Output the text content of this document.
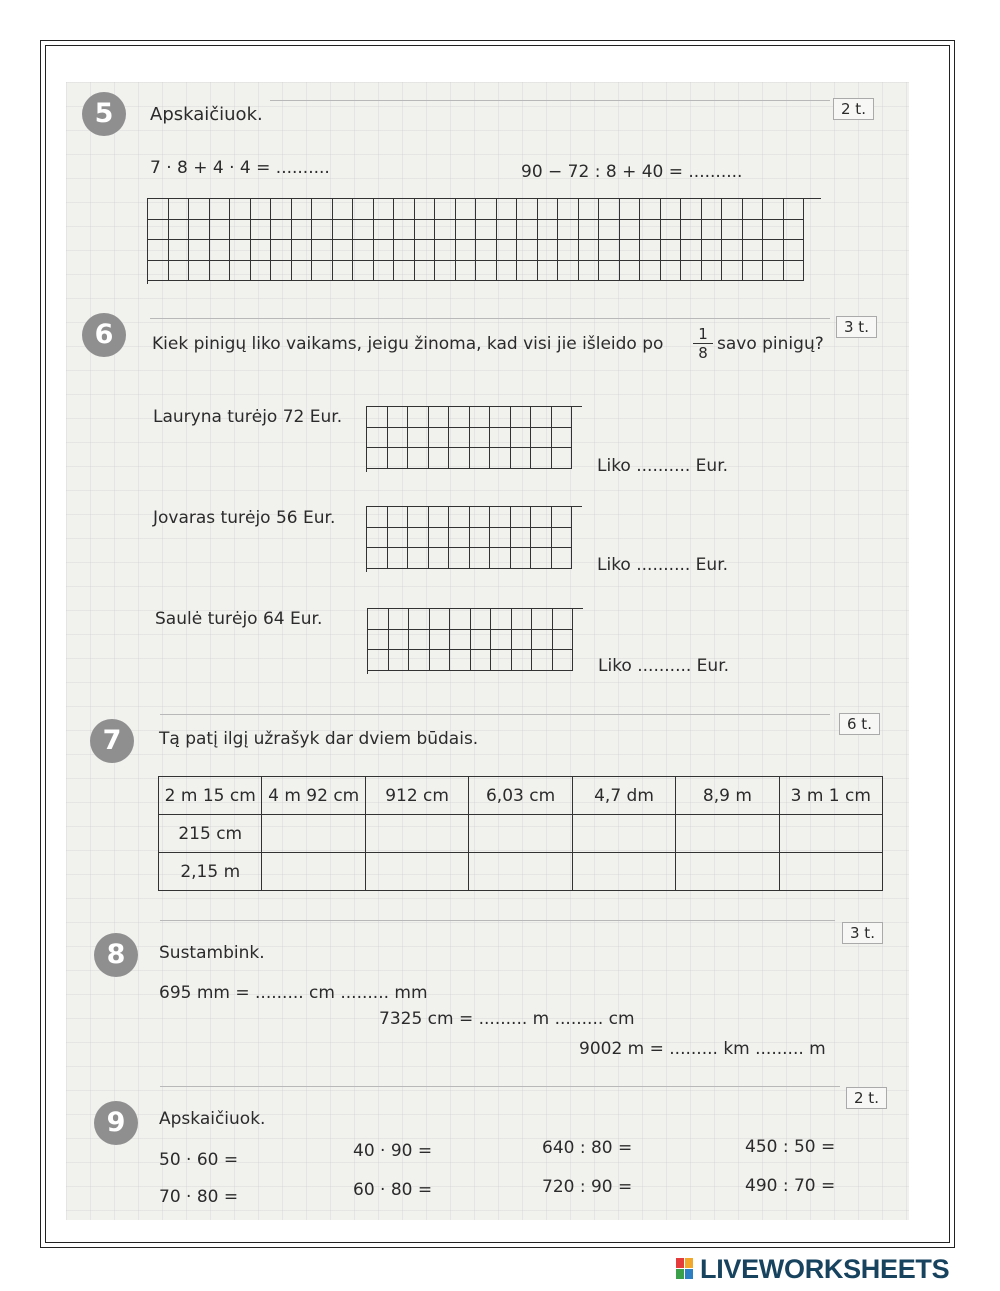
5	Apskaičiuok.	2 t.
7 · 8 + 4 · 4 = ..........	90 − 72 : 8 + 40 = ..........

6	3 t.
Kiek pinigų liko vaikams, jeigu žinoma, kad visi jie išleido po	1
8 savo pinigų?
Lauryna turėjo 72 Eur.

Liko .......... Eur.
Jovaras turėjo 56 Eur.

Liko .......... Eur.
Saulė turėjo 64 Eur.

Liko .......... Eur.
7
6 t.
Tą patį ilgį užrašyk dar dviem būdais.
2 m 15 cm	4 m 92 cm	912 cm	6,03 cm	4,7 dm	8,9 m	3 m 1 cm
215 cm						
2,15 m						
8
3 t.
Sustambink.
695 mm = ......... cm ......... mm
7325 cm = ......... m ......... cm
9002 m = ......... km ......... m
9
2 t.
Apskaičiuok.
50 · 60 =
70 · 80 =
40 · 90 =
60 · 80 =
640 : 80 =
720 : 90 =
450 : 50 =
490 : 70 =
LIVEWORKSHEETS
